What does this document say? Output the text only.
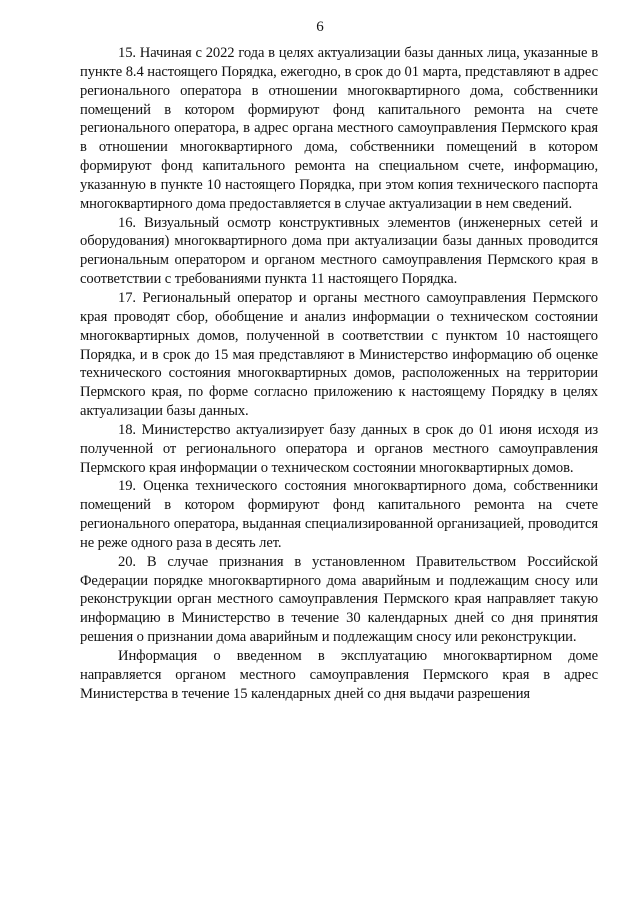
6

15. Начиная с 2022 года в целях актуализации базы данных лица, указанные в пункте 8.4 настоящего Порядка, ежегодно, в срок до 01 марта, представляют в адрес регионального оператора в отношении многоквартирного дома, собственники помещений в котором формируют фонд капитального ремонта на счете регионального оператора, в адрес органа местного самоуправления Пермского края в отношении многоквартирного дома, собственники помещений в котором формируют фонд капитального ремонта на специальном счете, информацию, указанную в пункте 10 настоящего Порядка, при этом копия технического паспорта многоквартирного дома предоставляется в случае актуализации в нем сведений.

16. Визуальный осмотр конструктивных элементов (инженерных сетей и оборудования) многоквартирного дома при актуализации базы данных проводится региональным оператором и органом местного самоуправления Пермского края в соответствии с требованиями пункта 11 настоящего Порядка.

17. Региональный оператор и органы местного самоуправления Пермского края проводят сбор, обобщение и анализ информации о техническом состоянии многоквартирных домов, полученной в соответствии с пунктом 10 настоящего Порядка, и в срок до 15 мая представляют в Министерство информацию об оценке технического состояния многоквартирных домов, расположенных на территории Пермского края, по форме согласно приложению к настоящему Порядку в целях актуализации базы данных.

18. Министерство актуализирует базу данных в срок до 01 июня исходя из полученной от регионального оператора и органов местного самоуправления Пермского края информации о техническом состоянии многоквартирных домов.

19. Оценка технического состояния многоквартирного дома, собственники помещений в котором формируют фонд капитального ремонта на счете регионального оператора, выданная специализированной организацией, проводится не реже одного раза в десять лет.

20. В случае признания в установленном Правительством Российской Федерации порядке многоквартирного дома аварийным и подлежащим сносу или реконструкции орган местного самоуправления Пермского края направляет такую информацию в Министерство в течение 30 календарных дней со дня принятия решения о признании дома аварийным и подлежащим сносу или реконструкции.

Информация о введенном в эксплуатацию многоквартирном доме направляется органом местного самоуправления Пермского края в адрес Министерства в течение 15 календарных дней со дня выдачи разрешения
